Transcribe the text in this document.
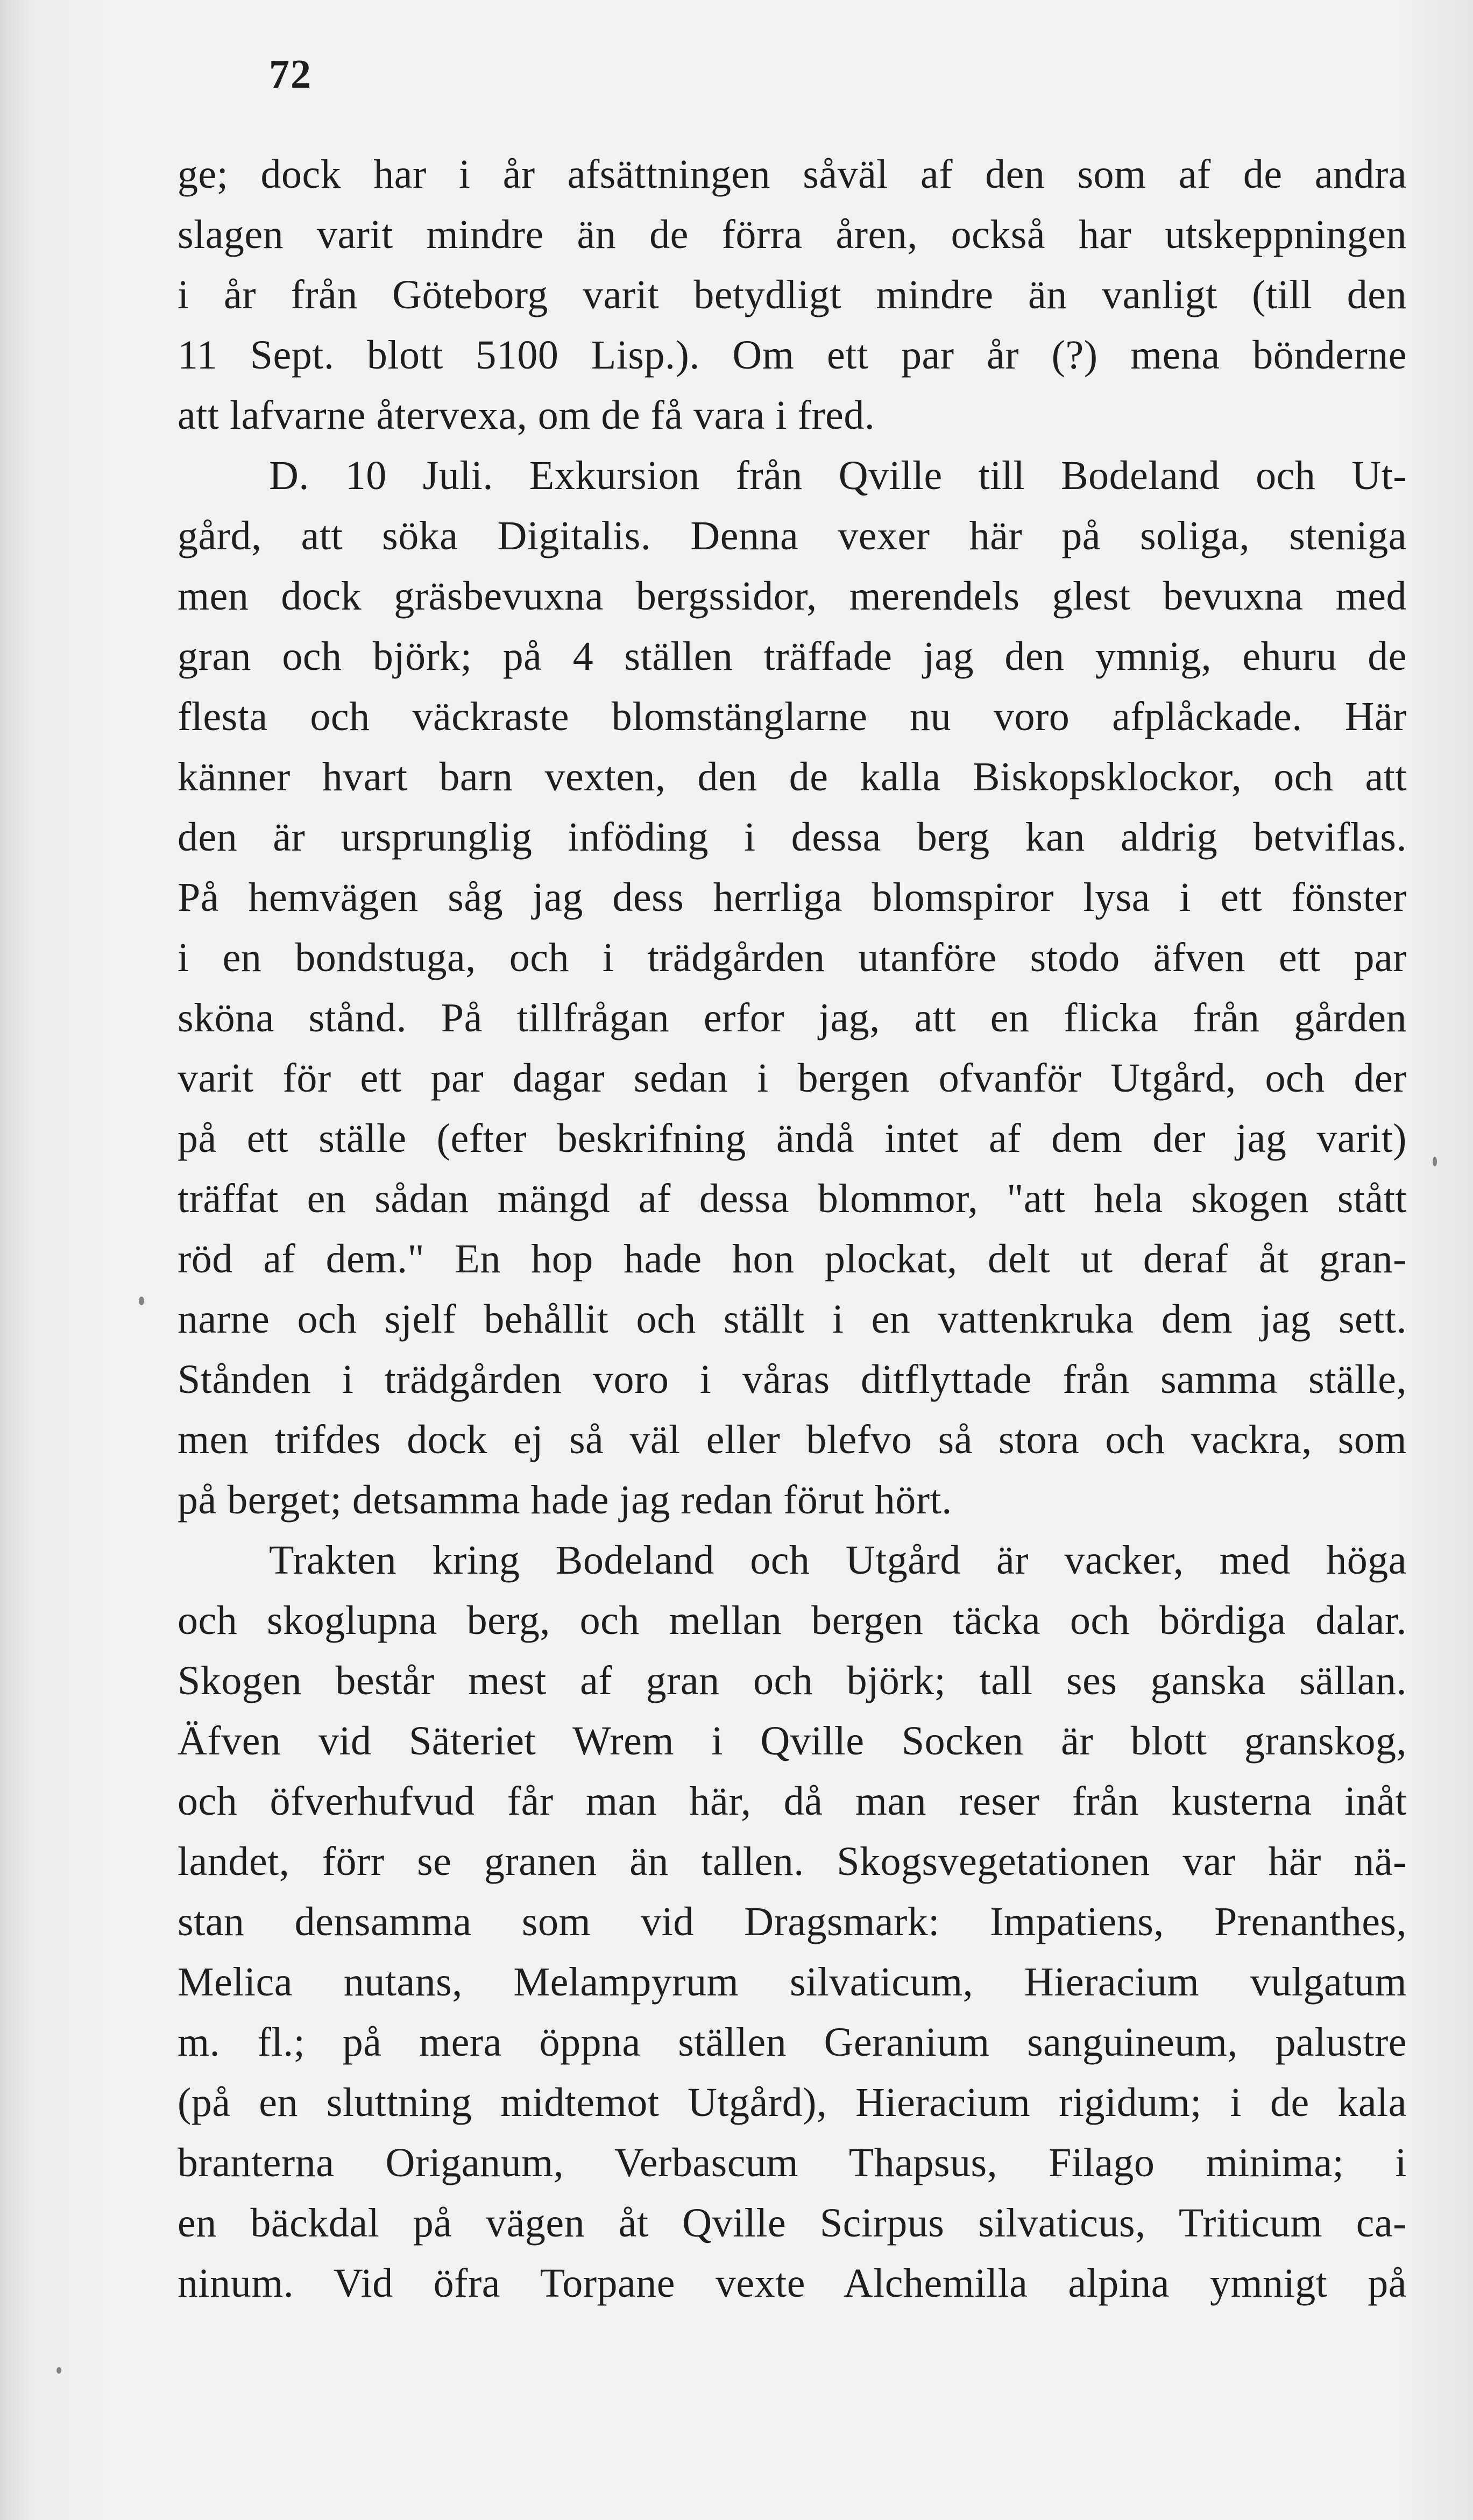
72
ge; dock har i år afsättningen såväl af den som af de andra
slagen varit mindre än de förra åren, också har utskeppningen
i år från Göteborg varit betydligt mindre än vanligt (till den
11 Sept. blott 5100 Lisp.). Om ett par år (?) mena bönderne
att lafvarne återvexa, om de få vara i fred.
D. 10 Juli. Exkursion från Qville till Bodeland och Ut-
gård, att söka Digitalis. Denna vexer här på soliga, steniga
men dock gräsbevuxna bergssidor, merendels glest bevuxna med
gran och björk; på 4 ställen träffade jag den ymnig, ehuru de
flesta och väckraste blomstänglarne nu voro afplåckade. Här
känner hvart barn vexten, den de kalla Biskopsklockor, och att
den är ursprunglig inföding i dessa berg kan aldrig betviflas.
På hemvägen såg jag dess herrliga blomspiror lysa i ett fönster
i en bondstuga, och i trädgården utanföre stodo äfven ett par
sköna stånd. På tillfrågan erfor jag, att en flicka från gården
varit för ett par dagar sedan i bergen ofvanför Utgård, och der
på ett ställe (efter beskrifning ändå intet af dem der jag varit)
träffat en sådan mängd af dessa blommor, "att hela skogen stått
röd af dem." En hop hade hon plockat, delt ut deraf åt gran-
narne och sjelf behållit och ställt i en vattenkruka dem jag sett.
Stånden i trädgården voro i våras ditflyttade från samma ställe,
men trifdes dock ej så väl eller blefvo så stora och vackra, som
på berget; detsamma hade jag redan förut hört.
Trakten kring Bodeland och Utgård är vacker, med höga
och skoglupna berg, och mellan bergen täcka och bördiga dalar.
Skogen består mest af gran och björk; tall ses ganska sällan.
Äfven vid Säteriet Wrem i Qville Socken är blott granskog,
och öfverhufvud får man här, då man reser från kusterna inåt
landet, förr se granen än tallen. Skogsvegetationen var här nä-
stan densamma som vid Dragsmark: Impatiens, Prenanthes,
Melica nutans, Melampyrum silvaticum, Hieracium vulgatum
m. fl.; på mera öppna ställen Geranium sanguineum, palustre
(på en sluttning midtemot Utgård), Hieracium rigidum; i de kala
branterna Origanum, Verbascum Thapsus, Filago minima; i
en bäckdal på vägen åt Qville Scirpus silvaticus, Triticum ca-
ninum. Vid öfra Torpane vexte Alchemilla alpina ymnigt på
